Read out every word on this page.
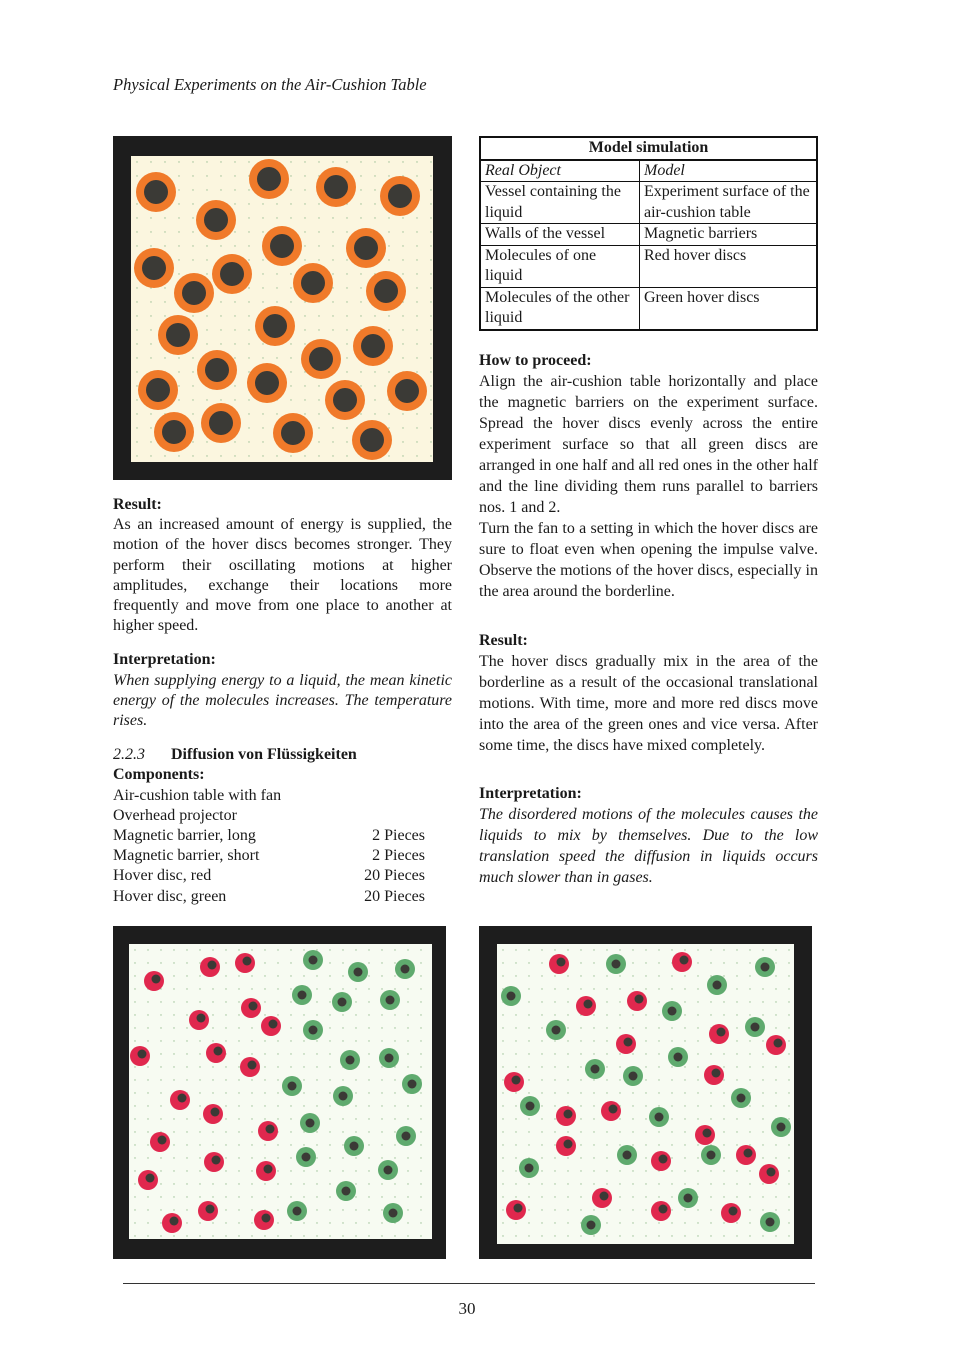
Physical Experiments on the Air-Cushion Table
Model simulation	
Real Object	Model
Vessel containing the liquid	Experiment surface of the air-cushion table
Walls of the vessel	Magnetic barriers
Molecules of one liquid	Red hover discs
Molecules of the other liquid	Green hover discs

Result:

As an increased amount of energy is supplied, the motion of the hover discs becomes stronger. They perform their oscillating motions at higher amplitudes, exchange their locations more frequently and move from one place to another at higher speed.

Interpretation:

When supplying energy to a liquid, the mean kinetic energy of the molecules increases. The temperature rises.

2.2.3	Diffusion von Flüssigkeiten

Components:

Air-cushion table with fan
Overhead projector
Magnetic barrier, long	2 Pieces
Magnetic barrier, short	2 Pieces
Hover disc, red	20 Pieces
Hover disc, green	20 Pieces

How to proceed:

Align the air-cushion table horizontally and place the magnetic barriers on the experiment surface. Spread the hover discs evenly across the entire experiment surface so that all green discs are arranged in one half and all red ones in the other half and the line dividing them runs parallel to barriers nos. 1 and 2.

Turn the fan to a setting in which the hover discs are sure to float even when opening the impulse valve. Observe the motions of the hover discs, especially in the area around the borderline.

Result:

The hover discs gradually mix in the area of the borderline as a result of the occasional translational motions. With time, more and more red discs move into the area of the green ones and vice versa. After some time, the discs have mixed completely.

Interpretation:

The disordered motions of the molecules causes the liquids to mix by themselves. Due to the low translation speed the diffusion in liquids occurs much slower than in gases.

30
